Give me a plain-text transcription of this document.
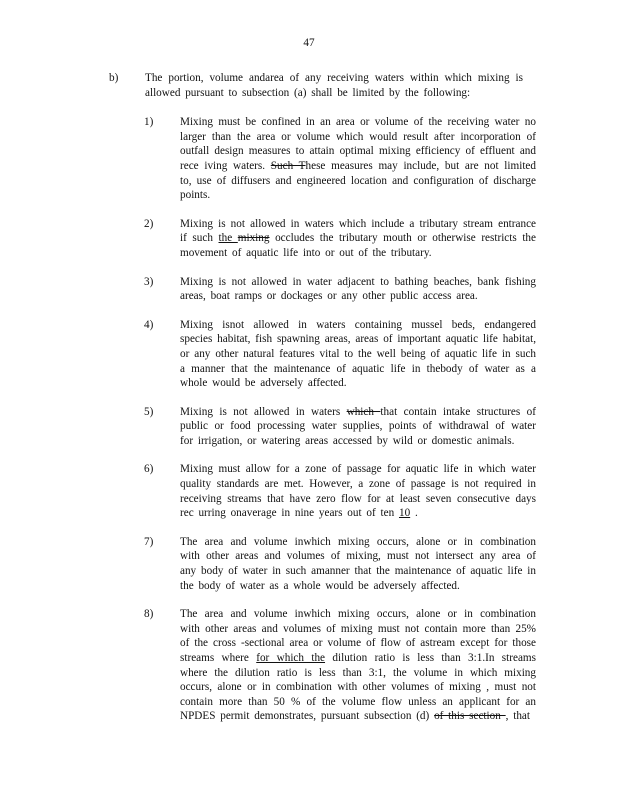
47
b) The portion, volume andarea of any receiving waters within which mixing is allowed pursuant to subsection (a) shall be limited by the following:
1) Mixing must be confined in an area or volume of the receiving water no larger than the area or volume which would result after incorporation of outfall design measures to attain optimal mixing efficiency of effluent and rece iving waters. Such These measures may include, but are not limited to, use of diffusers and engineered location and configuration of discharge points.
2) Mixing is not allowed in waters which include a tributary stream entrance if such the mixing occludes the tributary mouth or otherwise restricts the movement of aquatic life into or out of the tributary.
3) Mixing is not allowed in water adjacent to bathing beaches, bank fishing areas, boat ramps or dockages or any other public access area.
4) Mixing isnot allowed in waters containing mussel beds, endangered species habitat, fish spawning areas, areas of important aquatic life habitat, or any other natural features vital to the well being of aquatic life in such a manner that the maintenance of aquatic life in thebody of water as a whole would be adversely affected.
5) Mixing is not allowed in waters which that contain intake structures of public or food processing water supplies, points of withdrawal of water for irrigation, or watering areas accessed by wild or domestic animals.
6) Mixing must allow for a zone of passage for aquatic life in which water quality standards are met. However, a zone of passage is not required in receiving streams that have zero flow for at least seven consecutive days rec urring onaverage in nine years out of ten 10 .
7) The area and volume inwhich mixing occurs, alone or in combination with other areas and volumes of mixing, must not intersect any area of any body of water in such amanner that the maintenance of aquatic life in the body of water as a whole would be adversely affected.
8) The area and volume inwhich mixing occurs, alone or in combination with other areas and volumes of mixing must not contain more than 25% of the cross -sectional area or volume of flow of astream except for those streams where for which the dilution ratio is less than 3:1.In streams where the dilution ratio is less than 3:1, the volume in which mixing occurs, alone or in combination with other volumes of mixing , must not contain more than 50 % of the volume flow unless an applicant for an NPDES permit demonstrates, pursuant subsection (d) of this section , that
